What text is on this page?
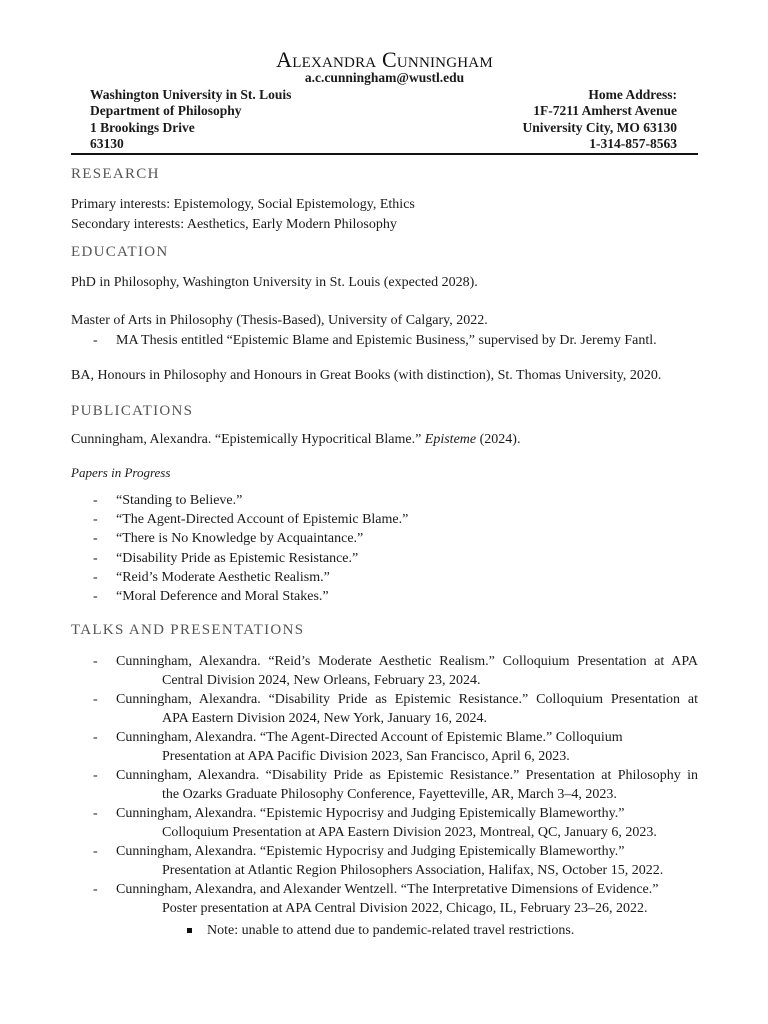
Alexandra Cunningham
a.c.cunningham@wustl.edu
Washington University in St. Louis
Department of Philosophy
1 Brookings Drive
63130
Home Address:
1F-7211 Amherst Avenue
University City, MO 63130
1-314-857-8563
RESEARCH
Primary interests: Epistemology, Social Epistemology, Ethics
Secondary interests: Aesthetics, Early Modern Philosophy
EDUCATION
PhD in Philosophy, Washington University in St. Louis (expected 2028).
Master of Arts in Philosophy (Thesis-Based), University of Calgary, 2022.
- MA Thesis entitled “Epistemic Blame and Epistemic Business,” supervised by Dr. Jeremy Fantl.
BA, Honours in Philosophy and Honours in Great Books (with distinction), St. Thomas University, 2020.
PUBLICATIONS
Cunningham, Alexandra. “Epistemically Hypocritical Blame.” Episteme (2024).
Papers in Progress
- “Standing to Believe.”
- “The Agent-Directed Account of Epistemic Blame.”
- “There is No Knowledge by Acquaintance.”
- “Disability Pride as Epistemic Resistance.”
- “Reid’s Moderate Aesthetic Realism.”
- “Moral Deference and Moral Stakes.”
TALKS AND PRESENTATIONS
- Cunningham, Alexandra. “Reid’s Moderate Aesthetic Realism.” Colloquium Presentation at APA
Central Division 2024, New Orleans, February 23, 2024.
- Cunningham, Alexandra. “Disability Pride as Epistemic Resistance.” Colloquium Presentation at
APA Eastern Division 2024, New York, January 16, 2024.
- Cunningham, Alexandra. “The Agent-Directed Account of Epistemic Blame.” Colloquium
Presentation at APA Pacific Division 2023, San Francisco, April 6, 2023.
- Cunningham, Alexandra. “Disability Pride as Epistemic Resistance.” Presentation at Philosophy in
the Ozarks Graduate Philosophy Conference, Fayetteville, AR, March 3–4, 2023.
- Cunningham, Alexandra. “Epistemic Hypocrisy and Judging Epistemically Blameworthy.”
Colloquium Presentation at APA Eastern Division 2023, Montreal, QC, January 6, 2023.
- Cunningham, Alexandra. “Epistemic Hypocrisy and Judging Epistemically Blameworthy.”
Presentation at Atlantic Region Philosophers Association, Halifax, NS, October 15, 2022.
- Cunningham, Alexandra, and Alexander Wentzell. “The Interpretative Dimensions of Evidence.”
Poster presentation at APA Central Division 2022, Chicago, IL, February 23–26, 2022.
Note: unable to attend due to pandemic-related travel restrictions.
